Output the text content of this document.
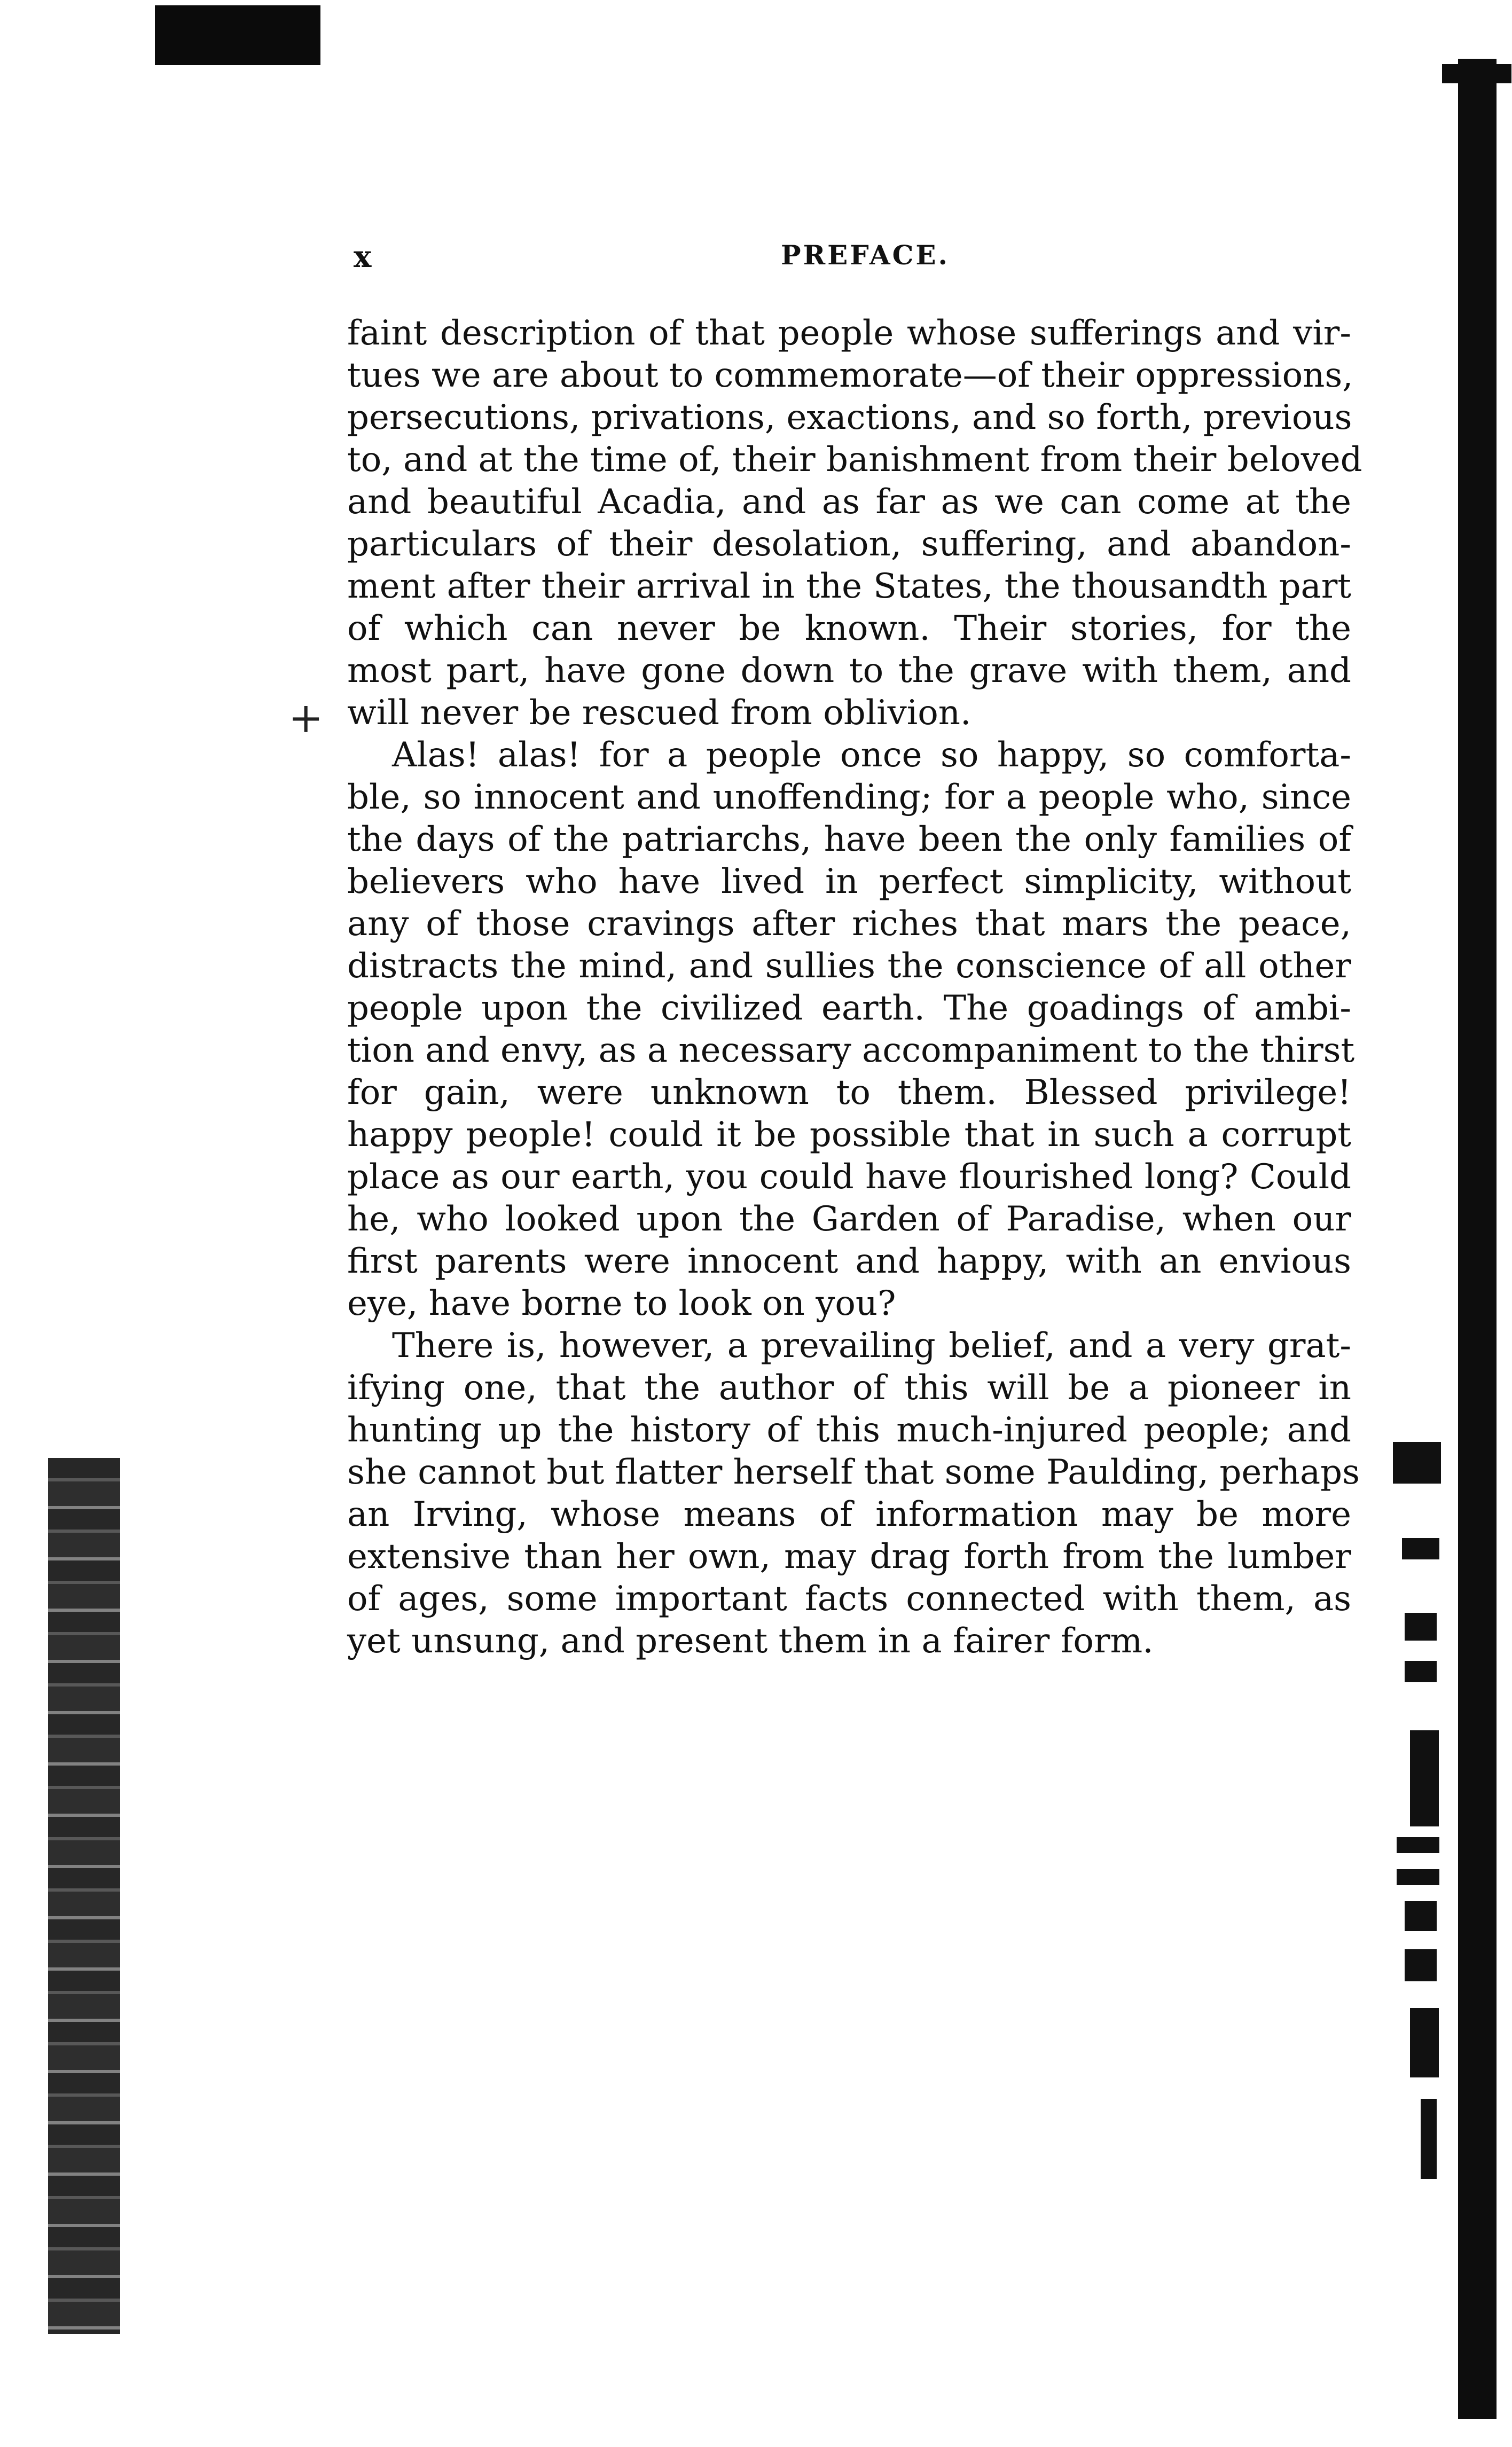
+
x	PREFACE.
faint description of that people whose sufferings and vir-
tues we are about to commemorate—of their oppressions,
persecutions, privations, exactions, and so forth, previous
to, and at the time of, their banishment from their beloved
and beautiful Acadia, and as far as we can come at the
particulars of their desolation, suffering, and abandon-
ment after their arrival in the States, the thousandth part
of which can never be known. Their stories, for the
most part, have gone down to the grave with them, and
will never be rescued from oblivion.
Alas! alas! for a people once so happy, so comforta-
ble, so innocent and unoffending; for a people who, since
the days of the patriarchs, have been the only families of
believers who have lived in perfect simplicity, without
any of those cravings after riches that mars the peace,
distracts the mind, and sullies the conscience of all other
people upon the civilized earth. The goadings of ambi-
tion and envy, as a necessary accompaniment to the thirst
for gain, were unknown to them. Blessed privilege!
happy people! could it be possible that in such a corrupt
place as our earth, you could have flourished long? Could
he, who looked upon the Garden of Paradise, when our
first parents were innocent and happy, with an envious
eye, have borne to look on you?
There is, however, a prevailing belief, and a very grat-
ifying one, that the author of this will be a pioneer in
hunting up the history of this much-injured people; and
she cannot but flatter herself that some Paulding, perhaps
an Irving, whose means of information may be more
extensive than her own, may drag forth from the lumber
of ages, some important facts connected with them, as
yet unsung, and present them in a fairer form.
